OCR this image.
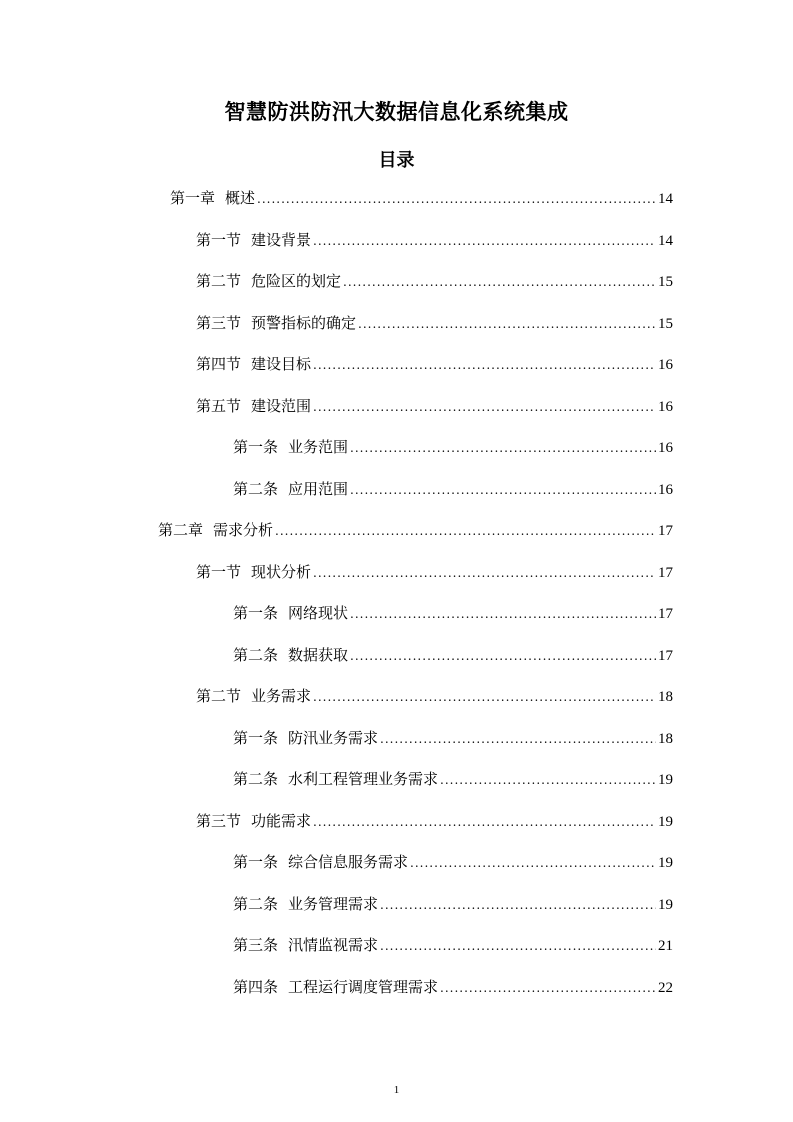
智慧防洪防汛大数据信息化系统集成
目录
第一章 概述 .....	14
第一节 建设背景 .....	14
第二节 危险区的划定 .....	15
第三节 预警指标的确定 .....	15
第四节 建设目标 .....	16
第五节 建设范围 .....	16
第一条 业务范围 .....	16
第二条 应用范围 .....	16
第二章 需求分析 .....	17
第一节 现状分析 .....	17
第一条 网络现状 .....	17
第二条 数据获取 .....	17
第二节 业务需求 .....	18
第一条 防汛业务需求 .....	18
第二条 水利工程管理业务需求 .....	19
第三节 功能需求 .....	19
第一条 综合信息服务需求 .....	19
第二条 业务管理需求 .....	19
第三条 汛情监视需求 .....	21
第四条 工程运行调度管理需求 .....	22
1
